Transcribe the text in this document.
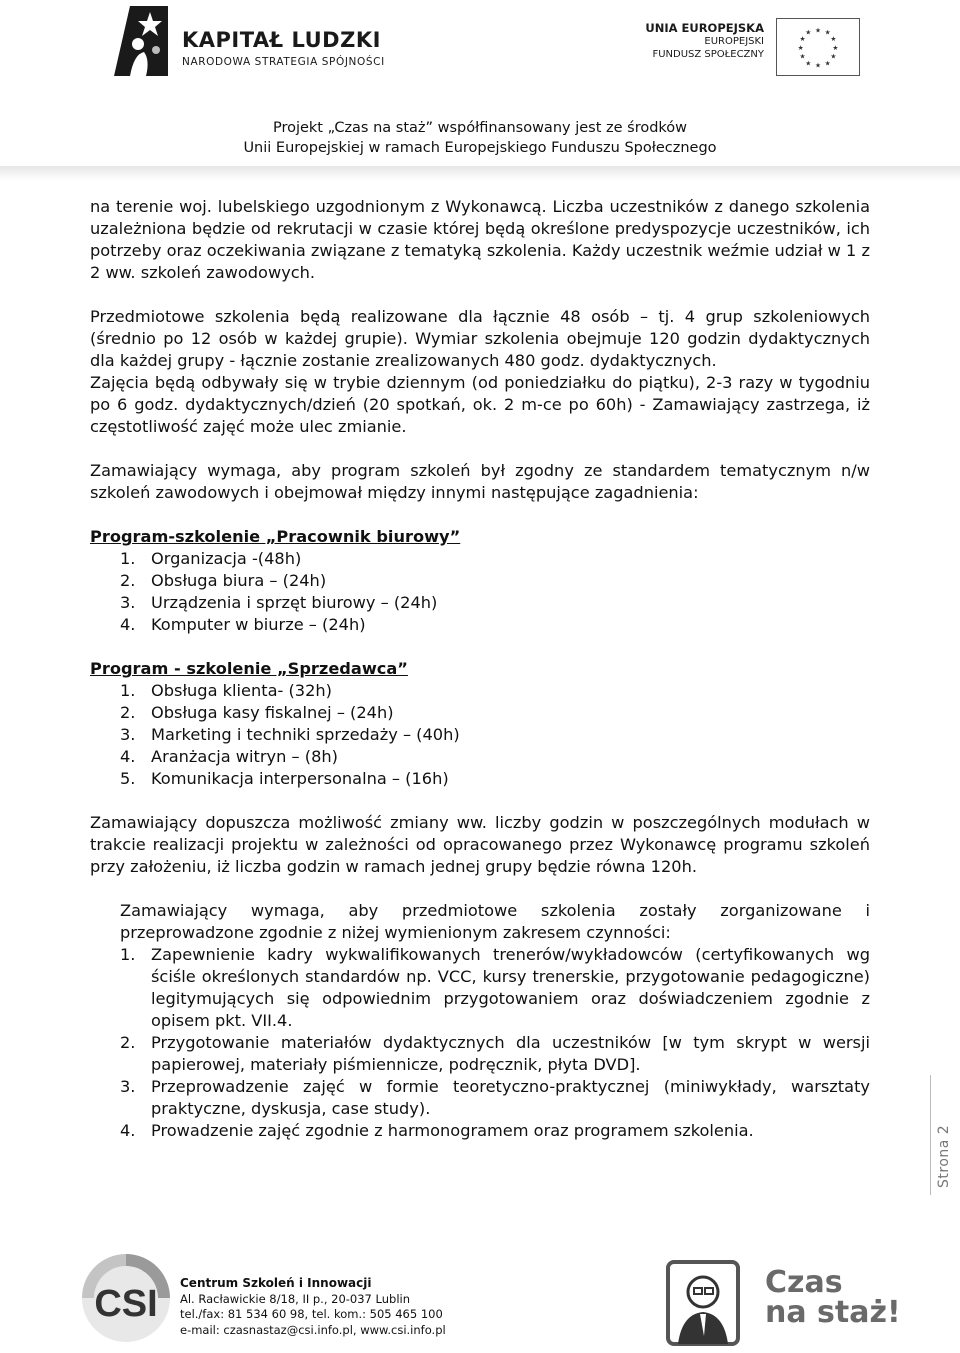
KAPITAŁ LUDZKI
NARODOWA STRATEGIA SPÓJNOŚCI
UNIA EUROPEJSKA
EUROPEJSKI
FUNDUSZ SPOŁECZNY
★ ★
★
★
★
★
★
★
★
★
★
★
Projekt „Czas na staż” współfinansowany jest ze środków
Unii Europejskiej w ramach Europejskiego Funduszu Społecznego

na terenie woj. lubelskiego uzgodnionym z Wykonawcą. Liczba uczestników z danego szkolenia uzależniona będzie od rekrutacji w czasie której będą określone predyspozycje uczestników, ich potrzeby oraz oczekiwania związane z tematyką szkolenia. Każdy uczestnik weźmie udział w 1 z 2 ww. szkoleń zawodowych.

Przedmiotowe szkolenia będą realizowane dla łącznie 48 osób – tj. 4 grup szkoleniowych (średnio po 12 osób w każdej grupie). Wymiar szkolenia obejmuje 120 godzin dydaktycznych dla każdej grupy - łącznie zostanie zrealizowanych 480 godz. dydaktycznych.

Zajęcia będą odbywały się w trybie dziennym (od poniedziałku do piątku), 2-3 razy w tygodniu po 6 godz. dydaktycznych/dzień (20 spotkań, ok. 2 m-ce po 60h) - Zamawiający zastrzega, iż częstotliwość zajęć może ulec zmianie.

Zamawiający wymaga, aby program szkoleń był zgodny ze standardem tematycznym n/w szkoleń zawodowych i obejmował między innymi następujące zagadnienia:

Program-szkolenie „Pracownik biurowy”

1. Organizacja -(48h)
2. Obsługa biura – (24h)
3. Urządzenia i sprzęt biurowy – (24h)
4. Komputer w biurze – (24h)

Program - szkolenie „Sprzedawca”

1. Obsługa klienta- (32h)
2. Obsługa kasy fiskalnej – (24h)
3. Marketing i techniki sprzedaży – (40h)
4. Aranżacja witryn – (8h)
5. Komunikacja interpersonalna – (16h)

Zamawiający dopuszcza możliwość zmiany ww. liczby godzin w poszczególnych modułach w trakcie realizacji projektu w zależności od opracowanego przez Wykonawcę programu szkoleń przy założeniu, iż liczba godzin w ramach jednej grupy będzie równa 120h.

Zamawiający wymaga, aby przedmiotowe szkolenia zostały zorganizowane i przeprowadzone zgodnie z niżej wymienionym zakresem czynności:

1. Zapewnienie kadry wykwalifikowanych trenerów/wykładowców (certyfikowanych wg ściśle określonych standardów np. VCC, kursy trenerskie, przygotowanie pedagogiczne) legitymujących się odpowiednim przygotowaniem oraz doświadczeniem zgodnie z opisem pkt. VII.4.
2. Przygotowanie materiałów dydaktycznych dla uczestników [w tym skrypt w wersji papierowej, materiały piśmiennicze, podręcznik, płyta DVD].
3. Przeprowadzenie zajęć w formie teoretyczno-praktycznej (miniwykłady, warsztaty praktyczne, dyskusja, case study).
4. Prowadzenie zajęć zgodnie z harmonogramem oraz programem szkolenia.	Strona 2
CSI Centrum Szkoleń i Innowacji
Al. Racławickie 8/18, II p., 20-037 Lublin
tel./fax: 81 534 60 98, tel. kom.: 505 465 100
e-mail: czasnastaz@csi.info.pl, www.csi.info.pl
Czas
na staż!
